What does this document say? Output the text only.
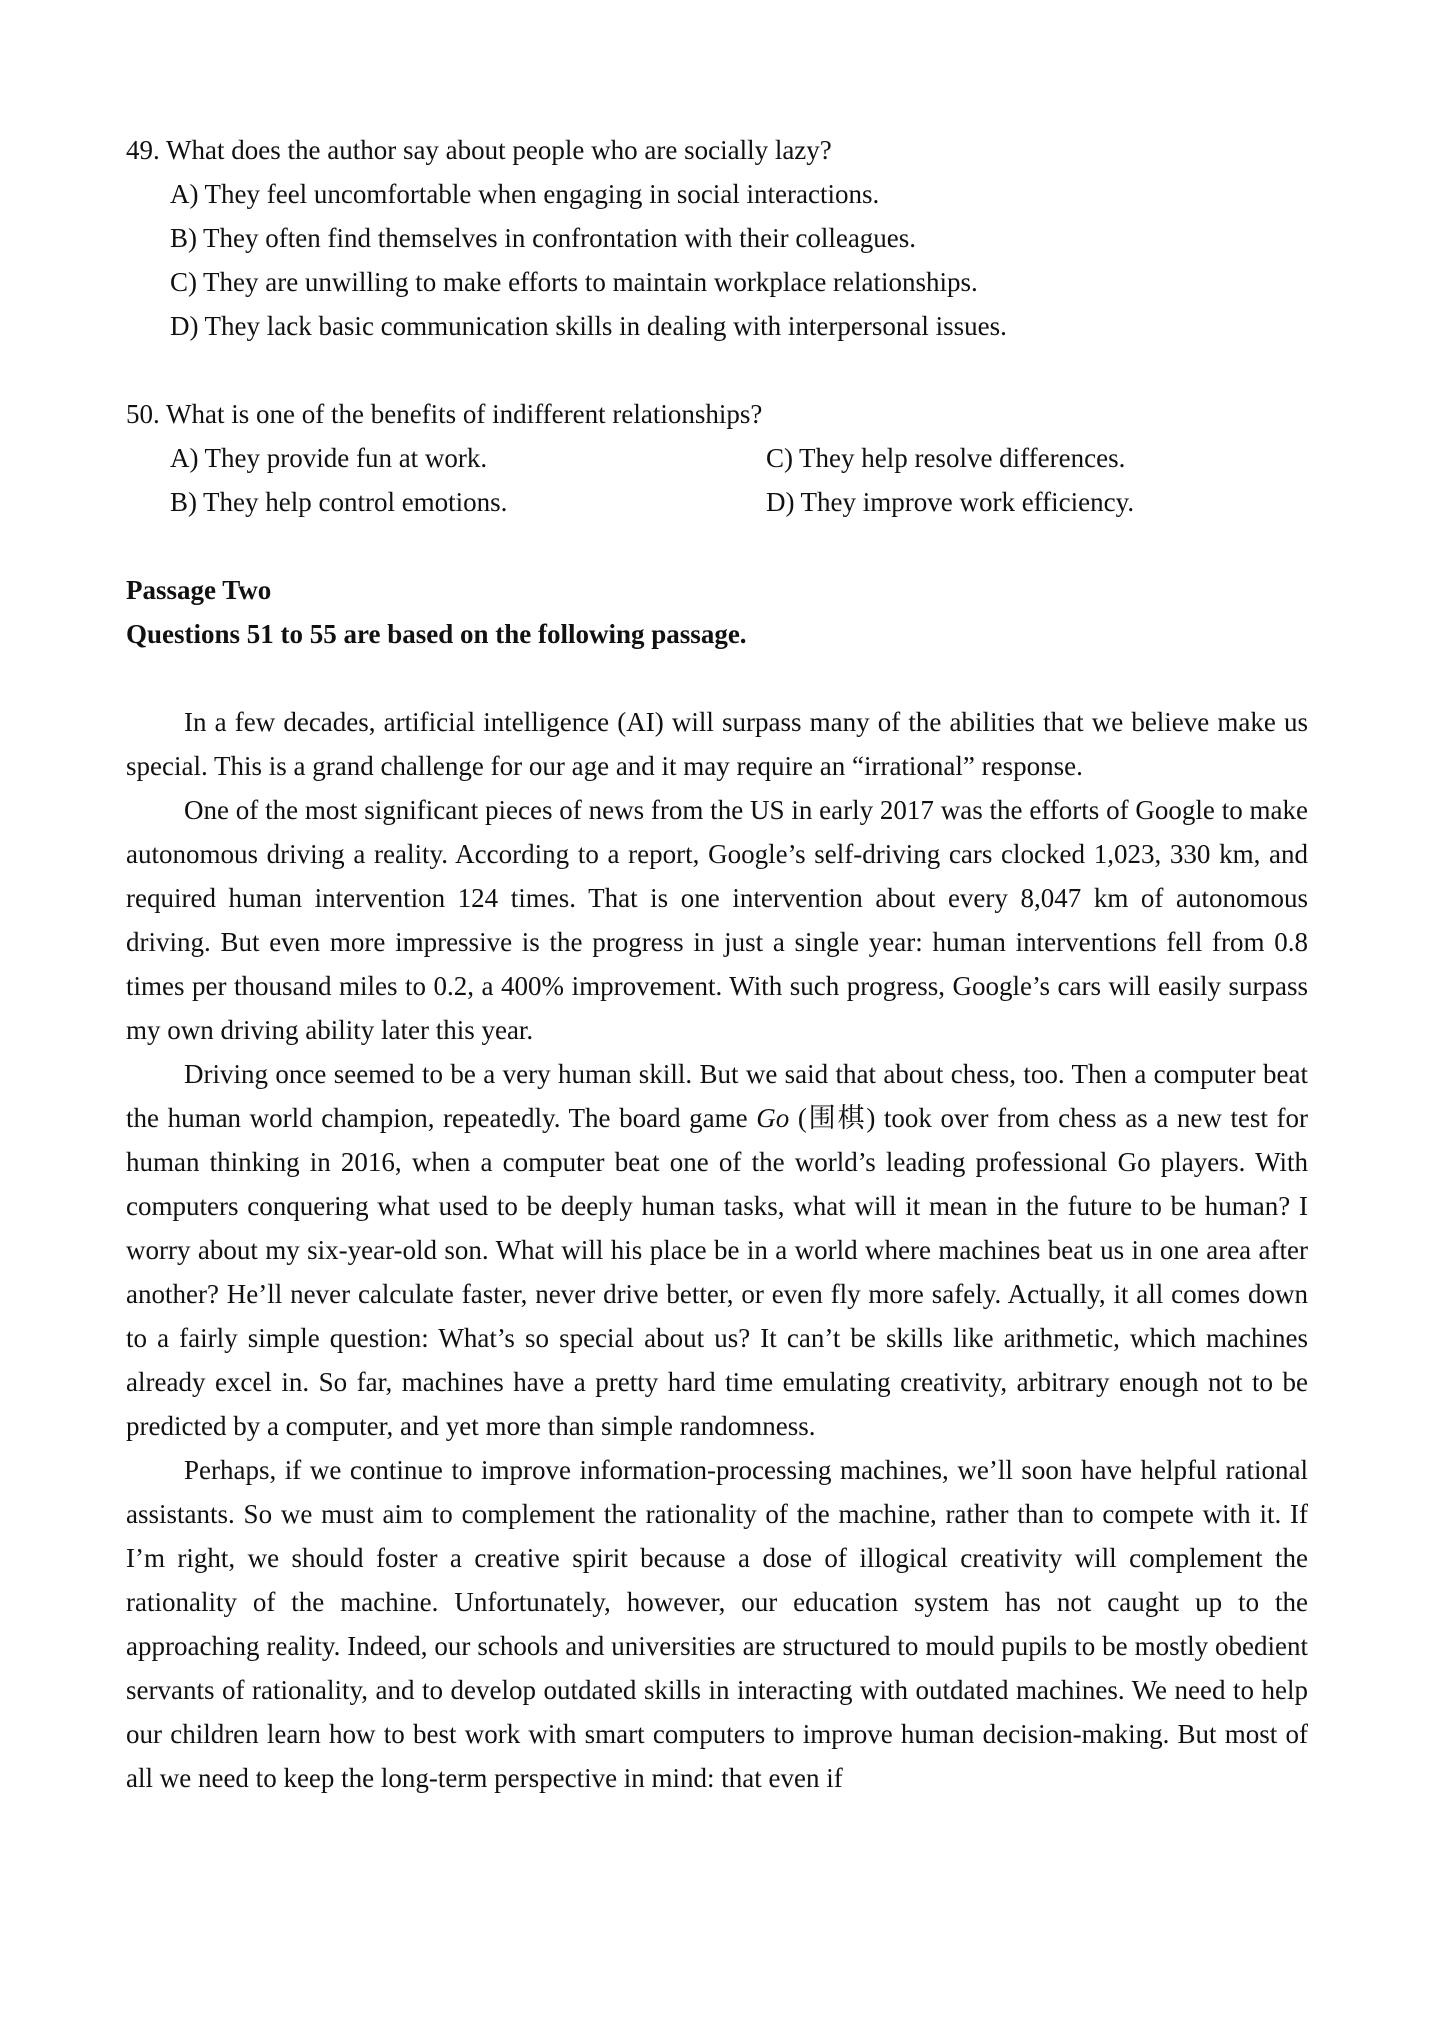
49. What does the author say about people who are socially lazy?
A) They feel uncomfortable when engaging in social interactions.
B) They often find themselves in confrontation with their colleagues.
C) They are unwilling to make efforts to maintain workplace relationships.
D) They lack basic communication skills in dealing with interpersonal issues.
50. What is one of the benefits of indifferent relationships?
A) They provide fun at work.
B) They help control emotions.
C) They help resolve differences.
D) They improve work efficiency.
Passage Two
Questions 51 to 55 are based on the following passage.

In a few decades, artificial intelligence (AI) will surpass many of the abilities that we believe make us special. This is a grand challenge for our age and it may require an “irrational” response.

One of the most significant pieces of news from the US in early 2017 was the efforts of Google to make autonomous driving a reality. According to a report, Google’s self-driving cars clocked 1,023, 330 km, and required human intervention 124 times. That is one intervention about every 8,047 km of autonomous driving. But even more impressive is the progress in just a single year: human interventions fell from 0.8 times per thousand miles to 0.2, a 400% improvement. With such progress, Google’s cars will easily surpass my own driving ability later this year.

Driving once seemed to be a very human skill. But we said that about chess, too. Then a computer beat the human world champion, repeatedly. The board game Go (围棋) took over from chess as a new test for human thinking in 2016, when a computer beat one of the world’s leading professional Go players. With computers conquering what used to be deeply human tasks, what will it mean in the future to be human? I worry about my six-year-old son. What will his place be in a world where machines beat us in one area after another? He’ll never calculate faster, never drive better, or even fly more safely. Actually, it all comes down to a fairly simple question: What’s so special about us? It can’t be skills like arithmetic, which machines already excel in. So far, machines have a pretty hard time emulating creativity, arbitrary enough not to be predicted by a computer, and yet more than simple randomness.

Perhaps, if we continue to improve information-processing machines, we’ll soon have helpful rational assistants. So we must aim to complement the rationality of the machine, rather than to compete with it. If I’m right, we should foster a creative spirit because a dose of illogical creativity will complement the rationality of the machine. Unfortunately, however, our education system has not caught up to the approaching reality. Indeed, our schools and universities are structured to mould pupils to be mostly obedient servants of rationality, and to develop outdated skills in interacting with outdated machines. We need to help our children learn how to best work with smart computers to improve human decision-making. But most of all we need to keep the long-term perspective in mind: that even if
